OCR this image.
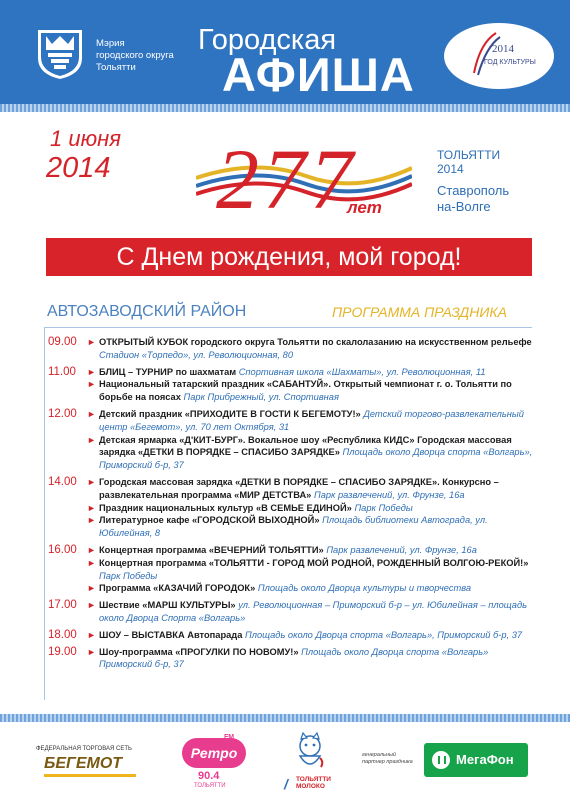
Мэрия
городского округа
Тольятти
Городская
АФИША	2014
ГОД КУЛЬТУРЫ
1 июня
2014 277
лет
ТОЛЬЯТТИ
2014
Ставрополь
на-Волге
С Днем рождения, мой город!
АВТОЗАВОДСКИЙ РАЙОН	ПРОГРАММА ПРАЗДНИКА
09.00	► ОТКРЫТЫЙ КУБОК городского округа Тольятти по скалолазанию на искусственном рельефе Стадион «Торпедо», ул. Революционная, 80
11.00	► БЛИЦ – ТУРНИР по шахматам Спортивная школа «Шахматы», ул. Революционная, 11
► Национальный татарский праздник «САБАНТУЙ». Открытый чемпионат г. о. Тольятти по борьбе на поясах Парк Прибрежный, ул. Спортивная
12.00	► Детский праздник «ПРИХОДИТЕ В ГОСТИ К БЕГЕМОТУ!» Детский торгово-развлекательный центр «Бегемот», ул. 70 лет Октября, 31
► Детская ярмарка «Д'КИТ-БУРГ». Вокальное шоу «Республика КИДС» Городская массовая зарядка «ДЕТКИ В ПОРЯДКЕ – СПАСИБО ЗАРЯДКЕ» Площадь около Дворца спорта «Волгарь», Приморский б-р, 37
14.00	► Городская массовая зарядка «ДЕТКИ В ПОРЯДКЕ – СПАСИБО ЗАРЯДКЕ». Конкурсно – развлекательная программа «МИР ДЕТСТВА» Парк развлечений, ул. Фрунзе, 16а
► Праздник национальных культур «В СЕМЬЕ ЕДИНОЙ» Парк Победы
► Литературное кафе «ГОРОДСКОЙ ВЫХОДНОЙ» Площадь библиотеки Автограда, ул. Юбилейная, 8
16.00	► Концертная программа «ВЕЧЕРНИЙ ТОЛЬЯТТИ» Парк развлечений, ул. Фрунзе, 16а
► Концертная программа «ТОЛЬЯТТИ - ГОРОД МОЙ РОДНОЙ, РОЖДЕННЫЙ ВОЛГОЮ-РЕКОЙ!» Парк Победы
► Программа «КАЗАЧИЙ ГОРОДОК» Площадь около Дворца культуры и творчества
17.00	► Шествие «МАРШ КУЛЬТУРЫ» ул. Революционная – Приморский б-р – ул. Юбилейная – площадь около Дворца Спорта «Волгарь»
18.00	► ШОУ – ВЫСТАВКА Автопарада Площадь около Дворца спорта «Волгарь», Приморский б-р, 37
19.00	► Шоу-программа «ПРОГУЛКИ ПО НОВОМУ!» Площадь около Дворца спорта «Волгарь» Приморский б-р, 37
ФЕДЕРАЛЬНАЯ ТОРГОВАЯ СЕТЬ
БЕГЕМОТ
Ретро
FM
90.4
ТОЛЬЯТТИ	/ ТОЛЬЯТТИ
МОЛОКО
генеральный
партнер праздника	МегаФон
